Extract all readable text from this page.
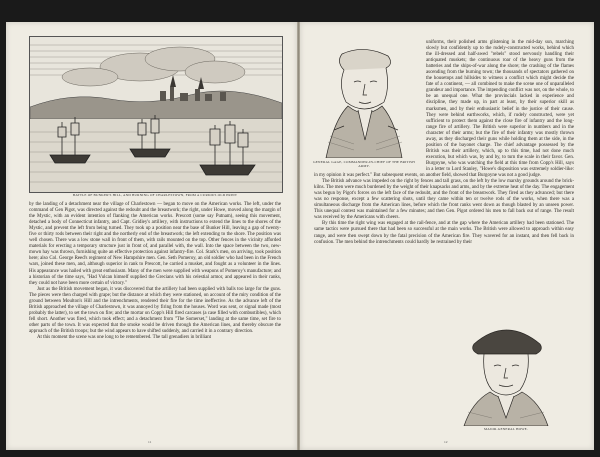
BATTLE OF BUNKER'S HILL, AND BURNING OF CHARLESTOWN, FROM A CURIOUS OLD PRINT

by the landing of a detachment near the village of Charlestown — began to move on the American works. The left, under the command of Gen Pigot, was directed against the redoubt and the breastwork; the right, under Howe, moved along the margin of the Mystic, with an evident intention of flanking the American works. Prescott (some say Putnam), seeing this movement, detached a body of Connecticut infantry, and Capt. Gridley's artillery, with instructions to extend the lines to the shores of the Mystic, and prevent the left from being turned. They took up a position near the base of Bunker Hill, leaving a gap of twenty-five or thirty rods between their right and the northerly end of the breastwork; the left extending to the shore. The position was well chosen. There was a low stone wall in front of them, with rails mounted on the top. Other fences in the vicinity afforded materials for erecting a temporary structure just in front of, and parallel with, the wall. Into the space between the two, new-mown hay was thrown, furnishing quite an effective protection against infantry-fire. Col. Stark's men, on arriving, took position here; also Col. George Reed's regiment of New Hampshire men. Gen. Seth Pomeroy, an old soldier who had been in the French wars, joined these men, and, although superior in rank to Prescott, he carried a musket, and fought as a volunteer in the lines. His appearance was hailed with great enthusiasm. Many of the men were supplied with weapons of Pomeroy's manufacture; and a historian of the time says, "Had Vulcan himself supplied the Grecians with his celestial armor, and appeared in their ranks, they could not have been more certain of victory."

Just as the British movement began, it was discovered that the artillery had been supplied with balls too large for the guns. The pieces were then charged with grape; but the distance at which they were stationed, on account of the miry condition of the ground between Moulton's Hill and the intrenchments, rendered their fire for the time ineffective. As the advance left of the British approached the village of Charlestown, it was annoyed by firing from the houses. Word was sent, or signal made (most probably the latter), to set the town on fire; and the mortar on Copp's Hill fired carcases (a case filled with combustibles), which fell short. Another was fired, which took effect; and a detachment from "The Somerset," landing at the same time, set fire to other parts of the town. It was expected that the smoke would be driven through the American lines, and thereby obscure the approach of the British troops; but the wind appears to have shifted suddenly, and carried it in a contrary direction.

At this moment the scene was one long to be remembered. The tall grenadiers in brilliant

11
GENERAL GAGE, COMMANDER-IN-CHIEF OF THE BRITISH ARMY.
MAJOR-GENERAL HOWE.

uniforms, their polished arms glistening in the mid-day sun, marching slowly but confidently up to the rudely-constructed works, behind which the ill-dressed and half-awed "rebels" stood nervously handling their antiquated muskets; the continuous roar of the heavy guns from the batteries and the ships-of-war along the shore; the crashing of the flames ascending from the burning town; the thousands of spectators gathered on the housetops and hillsides to witness a conflict which might decide the fate of a continent, — all combined to make the scene one of unparalleled grandeur and importance. The impending conflict was not, on the whole, to be an unequal one. What the provincials lacked in experience and discipline, they made up, in part at least, by their superior skill as marksmen, and by their enthusiastic belief in the justice of their cause. They were behind earthworks, which, if rudely constructed, were yet sufficient to protect them against the close fire of infantry and the long-range fire of artillery. The British were superior in numbers and in the character of their arms; but the fire of their infantry was mostly thrown away, as they discharged their guns while holding them at the side, in the position of the bayonet charge. The chief advantage possessed by the British was their artillery, which, up to this time, had not done much execution, but which was, by and by, to turn the scale in their favor. Gen. Burgoyne, who was watching the field at this time from Copp's Hill, says in a letter to Lord Stanley, "Howe's disposition was extremely soldier-like: in my opinion it was perfect." But subsequent events, on another field, showed that Burgoyne was not a good judge.

The British advance was impeded on the right by fences and tall grass, on the left by the low marshy grounds around the brick-kilns. The men were much burdened by the weight of their knapsacks and arms, and by the extreme heat of the day. The engagement was begun by Pigot's forces on the left face of the redoubt, and the front of the breastwork. They fired as they advanced; but there was no response, except a few scattering shots, until they came within ten or twelve rods of the works, when there was a simultaneous discharge from the American lines, before which the front ranks went down as though blasted by an unseen power. This unequal contest was maintained for a few minutes; and then Gen. Pigot ordered his men to fall back out of range. The result was received by the Americans with cheers.

By this time the right wing was engaged at the rail-fence, and at the gap where the American artillery had been stationed. The same tactics were pursued there that had been so successful at the main works. The British were allowed to approach within easy range, and were then swept down by the fatal precision of the American fire. They wavered for an instant, and then fell back in confusion. The men behind the intrenchments could hardly be restrained by their

12
